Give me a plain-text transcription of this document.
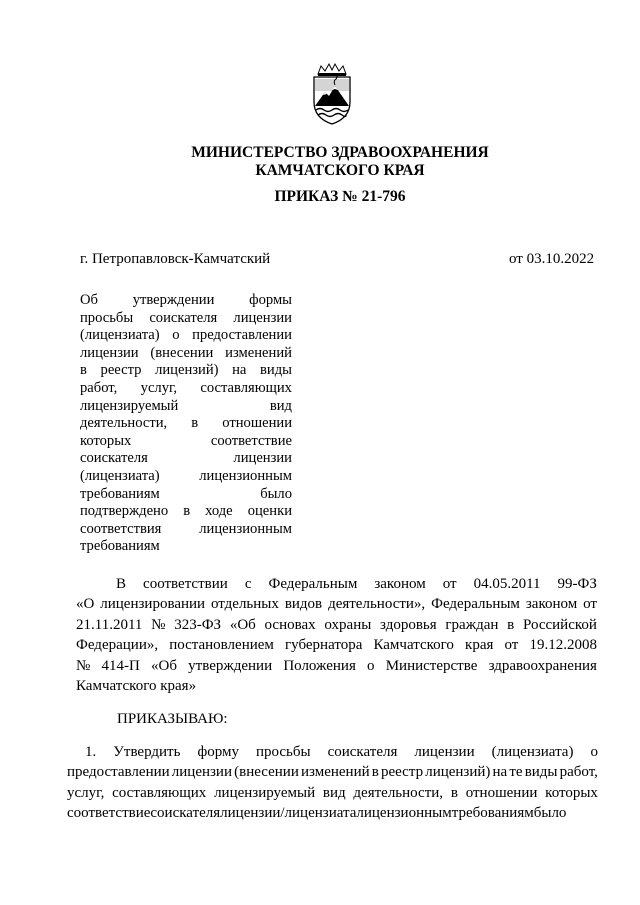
МИНИСТЕРСТВО ЗДРАВООХРАНЕНИЯ
КАМЧАТСКОГО КРАЯ
ПРИКАЗ № 21-796
г. Петропавловск-Камчатский	от 03.10.2022
Об утверждении формы
просьбы соискателя лицензии
(лицензиата) о предоставлении
лицензии (внесении изменений
в реестр лицензий) на виды
работ, услуг, составляющих
лицензируемый	вид
деятельности, в отношении
которых	соответствие
соискателя	лицензии
(лицензиата)	лицензионным
требованиям	было
подтверждено в ходе оценки
соответствия	лицензионным
требованиям
В соответствии с Федеральным законом от 04.05.2011 99-ФЗ
«О лицензировании отдельных видов деятельности», Федеральным законом от
21.11.2011 № 323-ФЗ «Об основах охраны здоровья граждан в Российской
Федерации», постановлением губернатора Камчатского края от 19.12.2008
№ 414-П «Об утверждении Положения о Министерстве здравоохранения
Камчатского края»
ПРИКАЗЫВАЮ:
1. Утвердить форму просьбы соискателя лицензии (лицензиата) о
предоставлении лицензии (внесении изменений в реестр лицензий) на те виды работ,
услуг, составляющих лицензируемый вид деятельности, в отношении которых
соответствие соискателя лицензии/лицензиата лицензионным требованиям было
